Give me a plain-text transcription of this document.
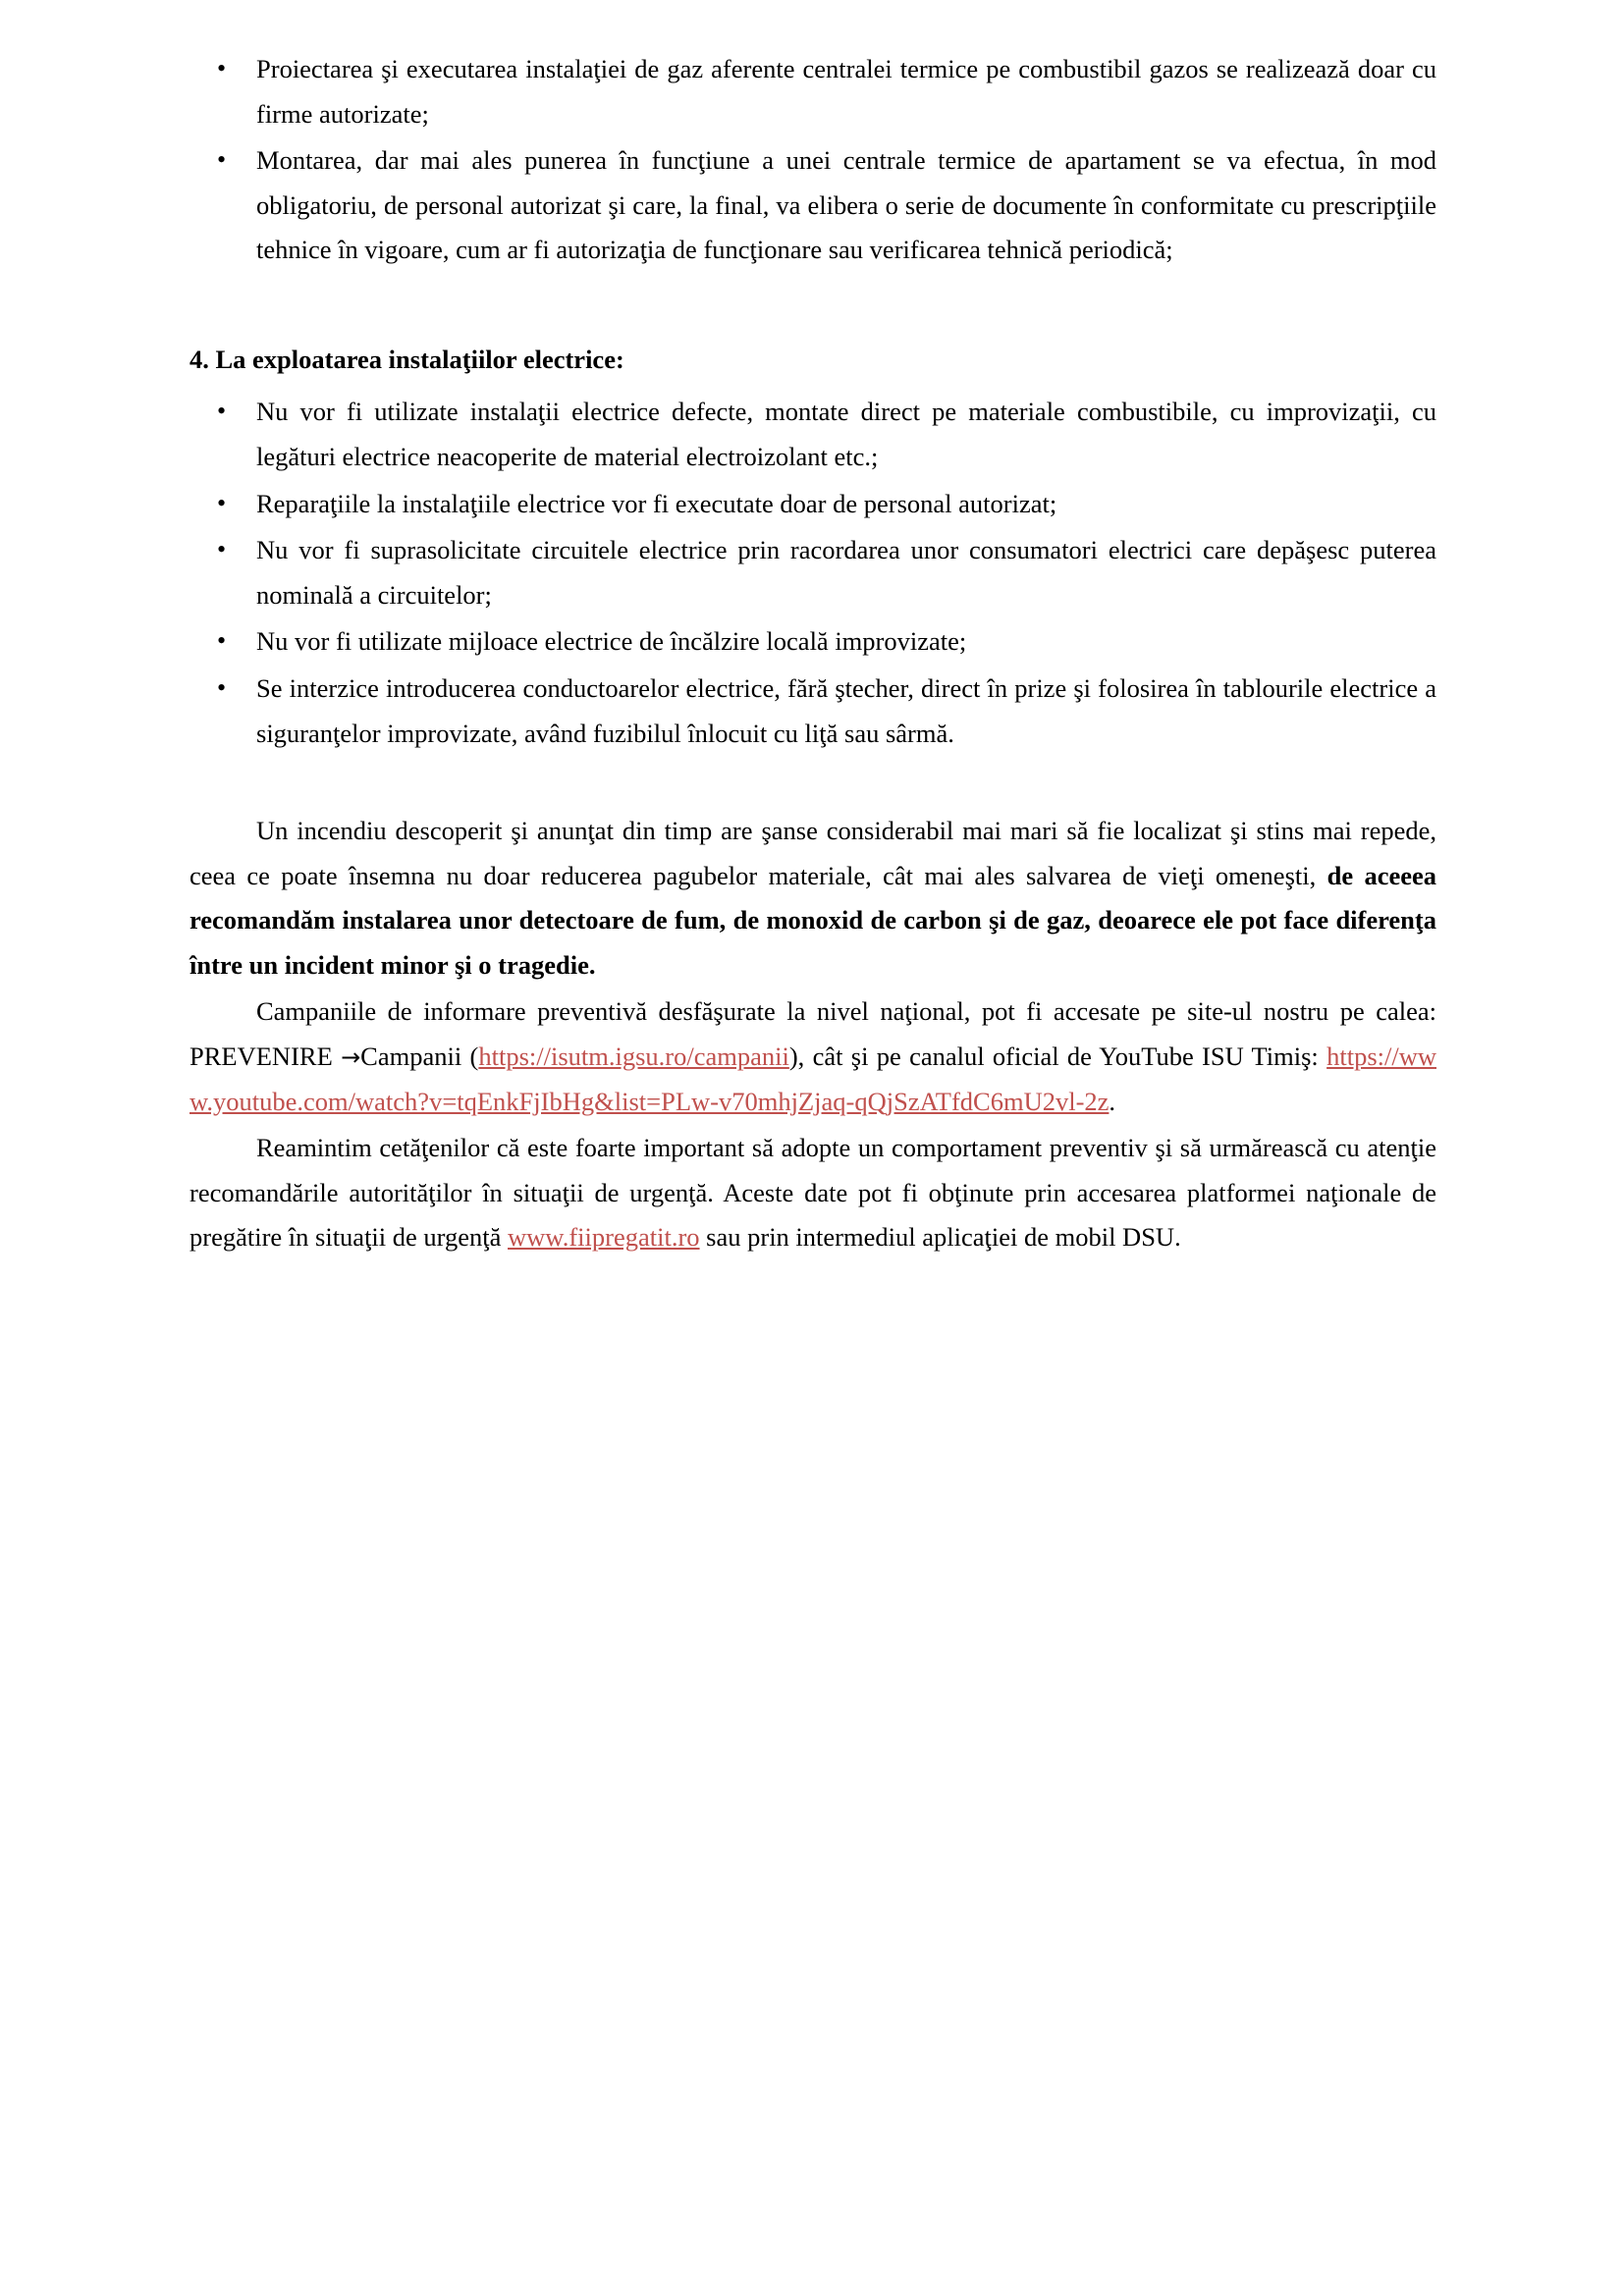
• Proiectarea şi executarea instalaţiei de gaz aferente centralei termice pe combustibil gazos se realizează doar cu firme autorizate;
• Montarea, dar mai ales punerea în funcţiune a unei centrale termice de apartament se va efectua, în mod obligatoriu, de personal autorizat şi care, la final, va elibera o serie de documente în conformitate cu prescripţiile tehnice în vigoare, cum ar fi autorizaţia de funcţionare sau verificarea tehnică periodică;
4. La exploatarea instalaţiilor electrice:
• Nu vor fi utilizate instalaţii electrice defecte, montate direct pe materiale combustibile, cu improvizaţii, cu legături electrice neacoperite de material electroizolant etc.;
• Reparaţiile la instalaţiile electrice vor fi executate doar de personal autorizat;
• Nu vor fi suprasolicitate circuitele electrice prin racordarea unor consumatori electrici care depăşesc puterea nominală a circuitelor;
• Nu vor fi utilizate mijloace electrice de încălzire locală improvizate;
• Se interzice introducerea conductoarelor electrice, fără ştecher, direct în prize şi folosirea în tablourile electrice a siguranţelor improvizate, având fuzibilul înlocuit cu liţă sau sârmă.

Un incendiu descoperit şi anunţat din timp are şanse considerabil mai mari să fie localizat şi stins mai repede, ceea ce poate însemna nu doar reducerea pagubelor materiale, cât mai ales salvarea de vieţi omeneşti, de aceeea recomandăm instalarea unor detectoare de fum, de monoxid de carbon şi de gaz, deoarece ele pot face diferenţa între un incident minor şi o tragedie.

Campaniile de informare preventivă desfăşurate la nivel naţional, pot fi accesate pe site-ul nostru pe calea: PREVENIRE →Campanii (https://isutm.igsu.ro/campanii), cât şi pe canalul oficial de YouTube ISU Timiş: https://www.youtube.com/watch?v=tqEnkFjIbHg&list=PLw-v70mhjZjaq-qQjSzATfdC6mU2vl-2z.

Reamintim cetăţenilor că este foarte important să adopte un comportament preventiv şi să urmărească cu atenţie recomandările autorităţilor în situaţii de urgenţă. Aceste date pot fi obţinute prin accesarea platformei naţionale de pregătire în situaţii de urgenţă www.fiipregatit.ro sau prin intermediul aplicaţiei de mobil DSU.
